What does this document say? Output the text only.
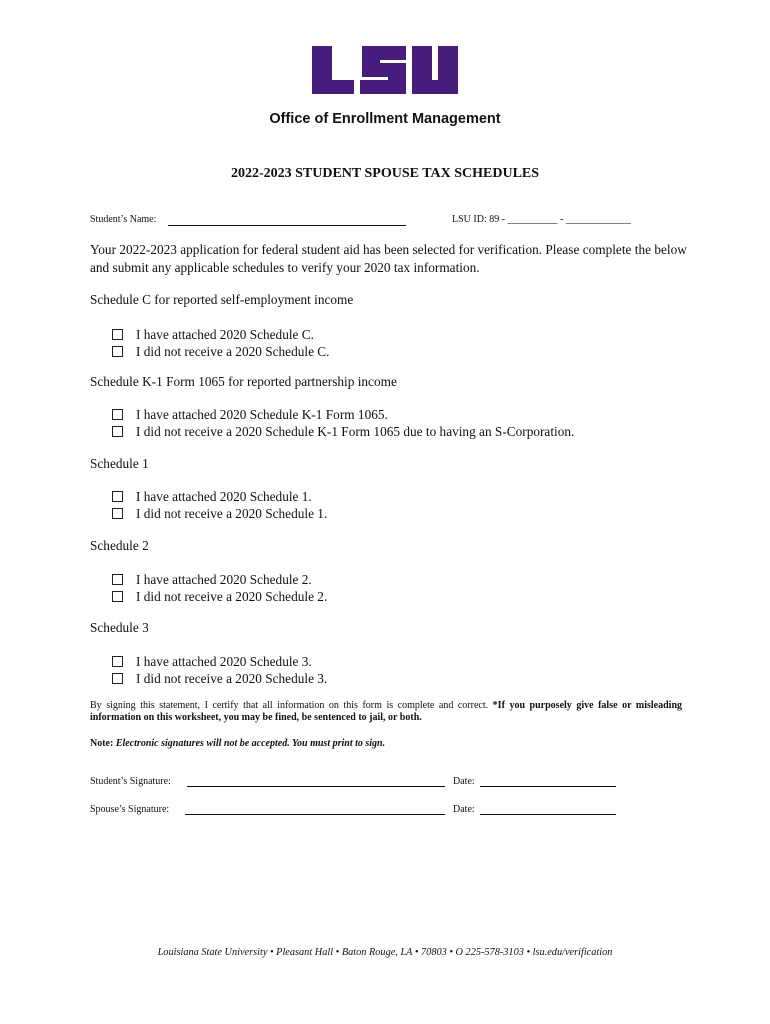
Office of Enrollment Management
2022-2023 STUDENT SPOUSE TAX SCHEDULES
Student’s Name:	LSU ID: 89 - __________ - _____________
Your 2022-2023 application for federal student aid has been selected for verification. Please complete the below and submit any applicable schedules to verify your 2020 tax information.
Schedule C for reported self-employment income
I have attached 2020 Schedule C.
I did not receive a 2020 Schedule C.
Schedule K-1 Form 1065 for reported partnership income
I have attached 2020 Schedule K-1 Form 1065.
I did not receive a 2020 Schedule K-1 Form 1065 due to having an S-Corporation.
Schedule 1
I have attached 2020 Schedule 1.
I did not receive a 2020 Schedule 1.
Schedule 2
I have attached 2020 Schedule 2.
I did not receive a 2020 Schedule 2.
Schedule 3
I have attached 2020 Schedule 3.
I did not receive a 2020 Schedule 3.
By signing this statement, I certify that all information on this form is complete and correct. *If you purposely give false or misleading information on this worksheet, you may be fined, be sentenced to jail, or both.
Note: Electronic signatures will not be accepted. You must print to sign.
Student’s Signature:	Date:
Spouse’s Signature:	Date:
Louisiana State University • Pleasant Hall • Baton Rouge, LA • 70803 • O 225-578-3103 • lsu.edu/verification
